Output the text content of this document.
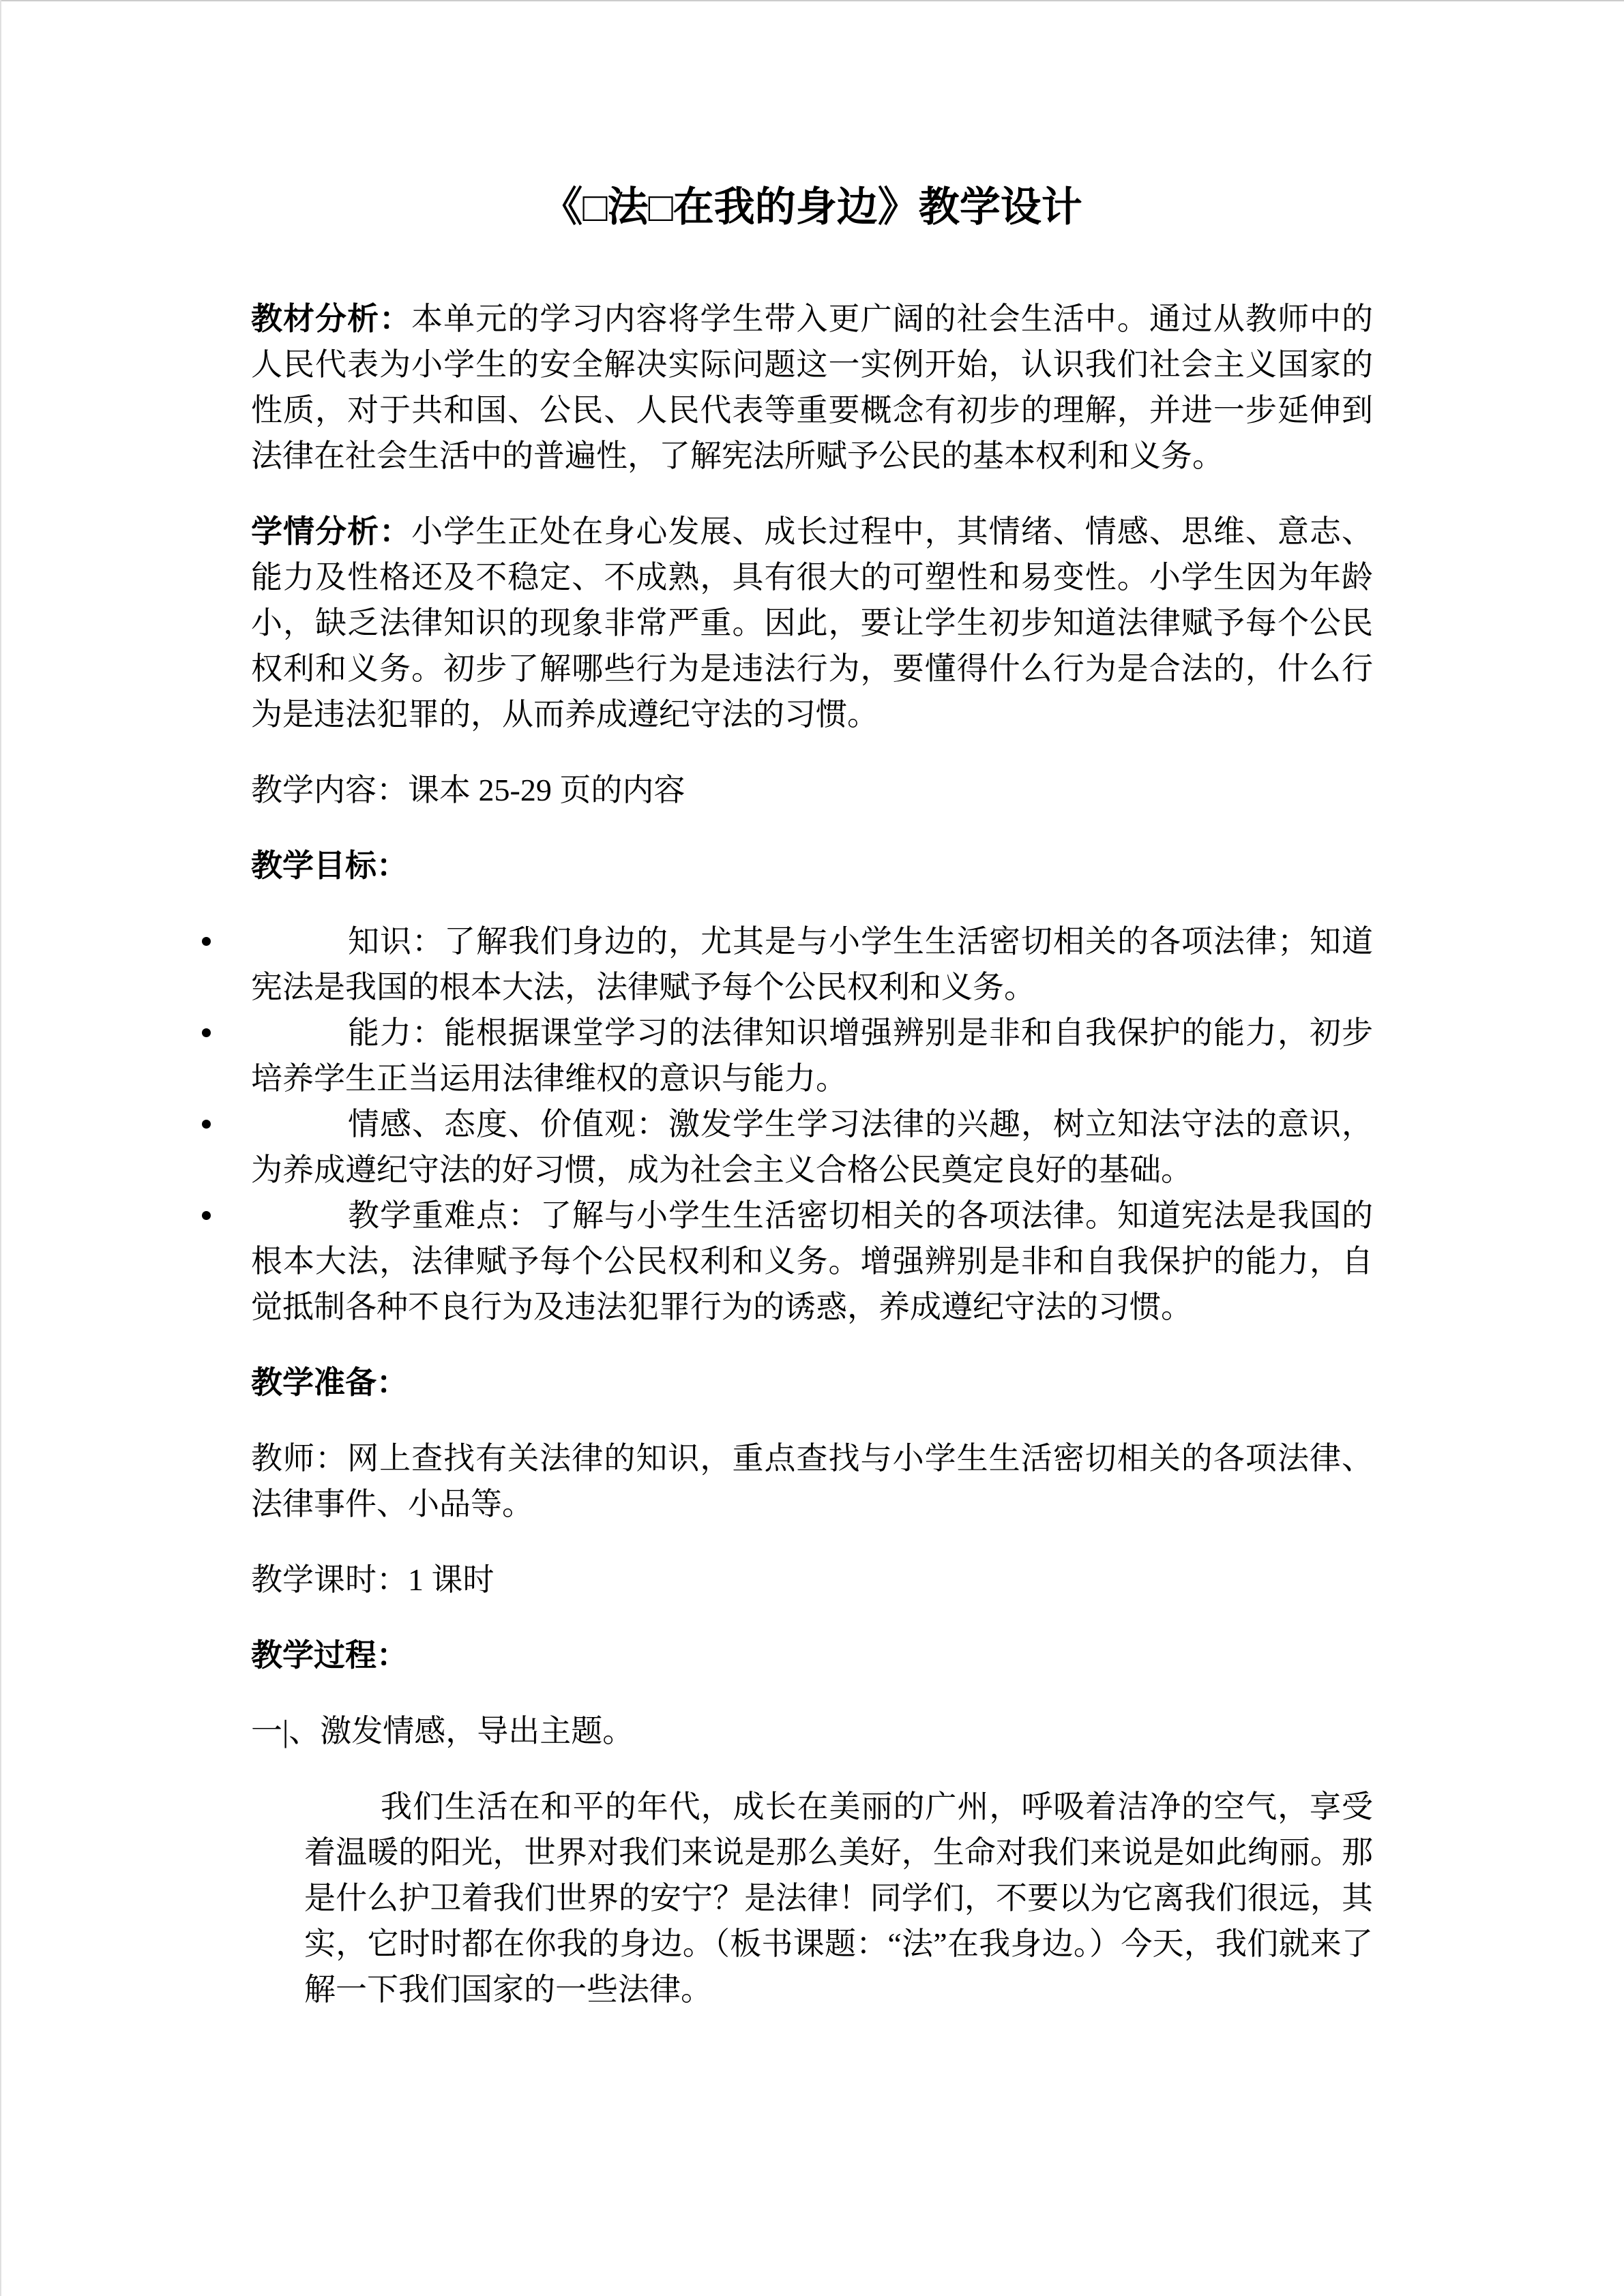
《□法□在我的身边》教学设计

教材分析：本单元的学习内容将学生带入更广阔的社会生活中。通过从教师中的人民代表为小学生的安全解决实际问题这一实例开始，认识我们社会主义国家的性质，对于共和国、公民、人民代表等重要概念有初步的理解，并进一步延伸到法律在社会生活中的普遍性，了解宪法所赋予公民的基本权利和义务。

学情分析：小学生正处在身心发展、成长过程中，其情绪、情感、思维、意志、能力及性格还及不稳定、不成熟，具有很大的可塑性和易变性。小学生因为年龄小，缺乏法律知识的现象非常严重。因此，要让学生初步知道法律赋予每个公民权利和义务。初步了解哪些行为是违法行为，要懂得什么行为是合法的，什么行为是违法犯罪的，从而养成遵纪守法的习惯。

教学内容：课本 25-29 页的内容

教学目标：
知识：了解我们身边的，尤其是与小学生生活密切相关的各项法律；知道宪法是我国的根本大法，法律赋予每个公民权利和义务。
能力：能根据课堂学习的法律知识增强辨别是非和自我保护的能力，初步培养学生正当运用法律维权的意识与能力。
情感、态度、价值观：激发学生学习法律的兴趣，树立知法守法的意识，为养成遵纪守法的好习惯，成为社会主义合格公民奠定良好的基础。
教学重难点：了解与小学生生活密切相关的各项法律。知道宪法是我国的根本大法，法律赋予每个公民权利和义务。增强辨别是非和自我保护的能力，自觉抵制各种不良行为及违法犯罪行为的诱惑，养成遵纪守法的习惯。
教学准备：

教师：网上查找有关法律的知识，重点查找与小学生生活密切相关的各项法律、法律事件、小品等。

教学课时：1 课时

教学过程：

一|、激发情感，导出主题。

我们生活在和平的年代，成长在美丽的广州，呼吸着洁净的空气，享受着温暖的阳光，世界对我们来说是那么美好，生命对我们来说是如此绚丽。那是什么护卫着我们世界的安宁？是法律！同学们，不要以为它离我们很远，其实，它时时都在你我的身边。（板书课题：“法”在我身边。）今天，我们就来了解一下我们国家的一些法律。
